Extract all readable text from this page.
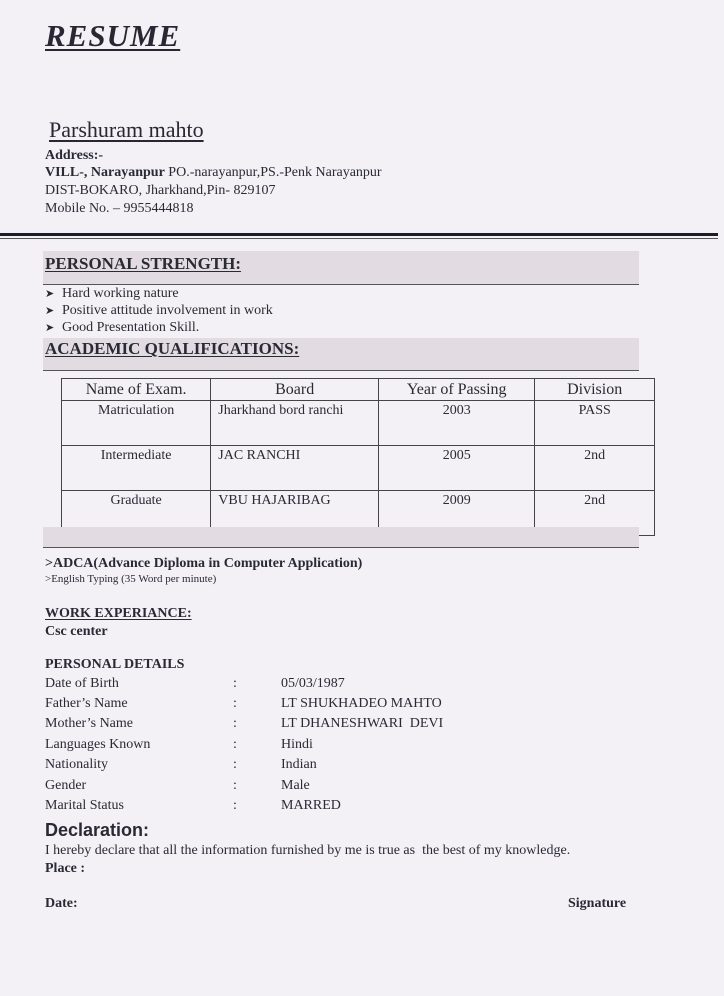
RESUME
Parshuram mahto
Address:-
VILL-, Narayanpur PO.-narayanpur,PS.-Penk Narayanpur
DIST-BOKARO, Jharkhand,Pin- 829107
Mobile No. – 9955444818
PERSONAL STRENGTH:
➤ Hard working nature
➤ Positive attitude involvement in work
➤ Good Presentation Skill.
ACADEMIC QUALIFICATIONS:
Name of Exam.	Board	Year of Passing	Division
Matriculation	Jharkhand bord ranchi	2003	PASS
Intermediate	JAC RANCHI	2005	2nd
Graduate	VBU HAJARIBAG	2009	2nd
>ADCA(Advance Diploma in Computer Application)
>English Typing (35 Word per minute)
WORK EXPERIANCE:
Csc center
PERSONAL DETAILS
Date of Birth	:	05/03/1987
Father’s Name	:	LT SHUKHADEO MAHTO
Mother’s Name	:	LT DHANESHWARI  DEVI
Languages Known	:	Hindi
Nationality	:	Indian
Gender	:	Male
Marital Status	:	MARRED
Declaration:
I hereby declare that all the information furnished by me is true as  the best of my knowledge.
Place :
Date:	Signature
